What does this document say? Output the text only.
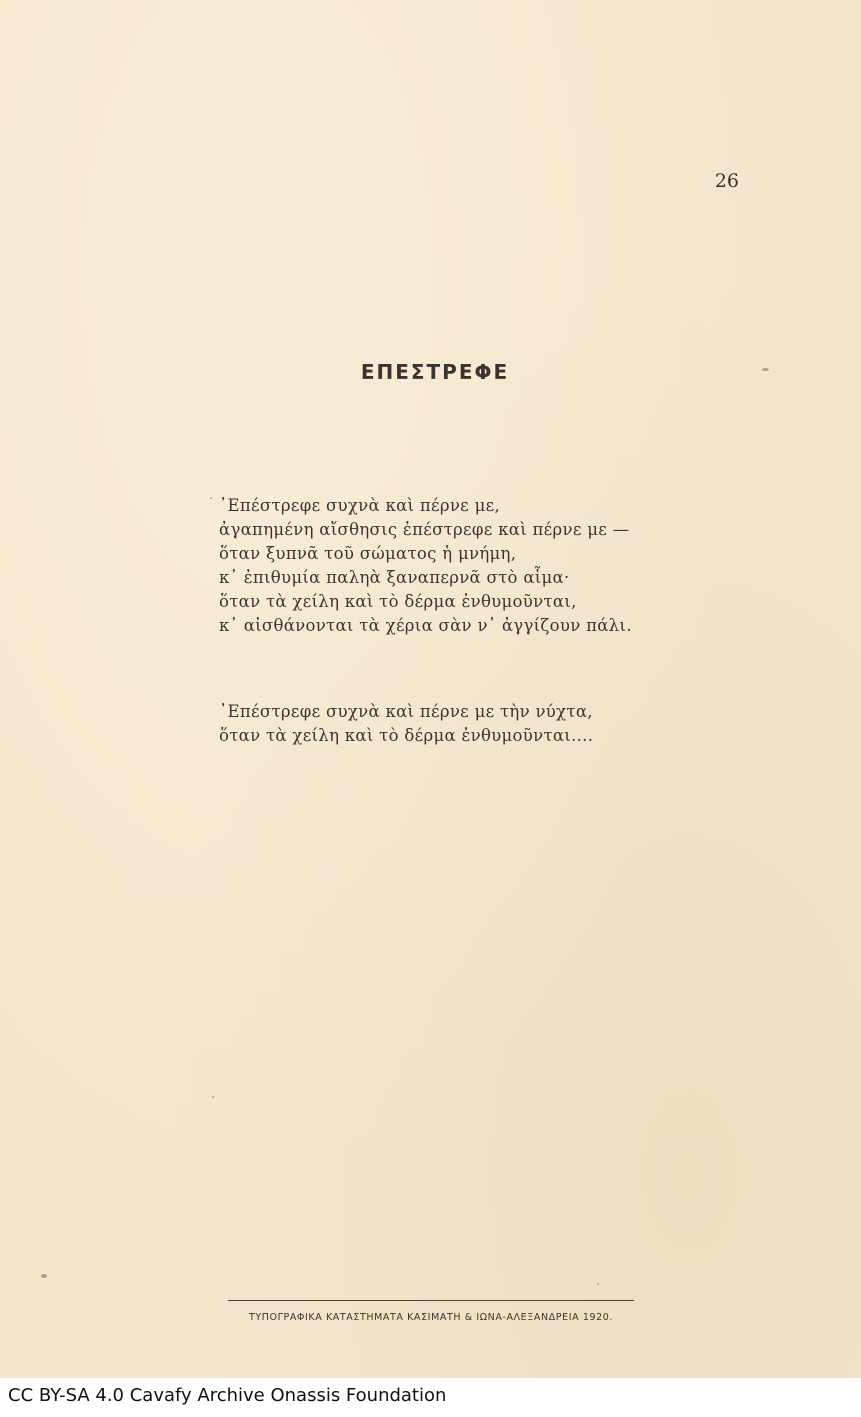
26
ΕΠΕΣΤΡΕΦΕ
᾿Επέστρεφε συχνὰ καὶ πέρνε με,
ἀγαπημένη αἴσθησις ἐπέστρεφε καὶ πέρνε με —
ὅταν ξυπνᾶ τοῦ σώματος ἡ μνήμη,
κ᾽ ἐπιθυμία παληὰ ξαναπερνᾶ στὸ αἷμα·
ὅταν τὰ χείλη καὶ τὸ δέρμα ἐνθυμοῦνται,
κ᾽ αἰσθάνονται τὰ χέρια σὰν ν᾽ ἀγγίζουν πάλι.
᾿Επέστρεφε συχνὰ καὶ πέρνε με τὴν νύχτα,
ὅταν τὰ χείλη καὶ τὸ δέρμα ἐνθυμοῦνται....
ΤΥΠΟΓΡΑΦΙΚΑ ΚΑΤΑΣΤΗΜΑΤΑ ΚΑΣΙΜΑΤΗ & ΙΩΝΑ-ΑΛΕΞΑΝΔΡΕΙΑ 1920.
CC BY-SA 4.0 Cavafy Archive Onassis Foundation
